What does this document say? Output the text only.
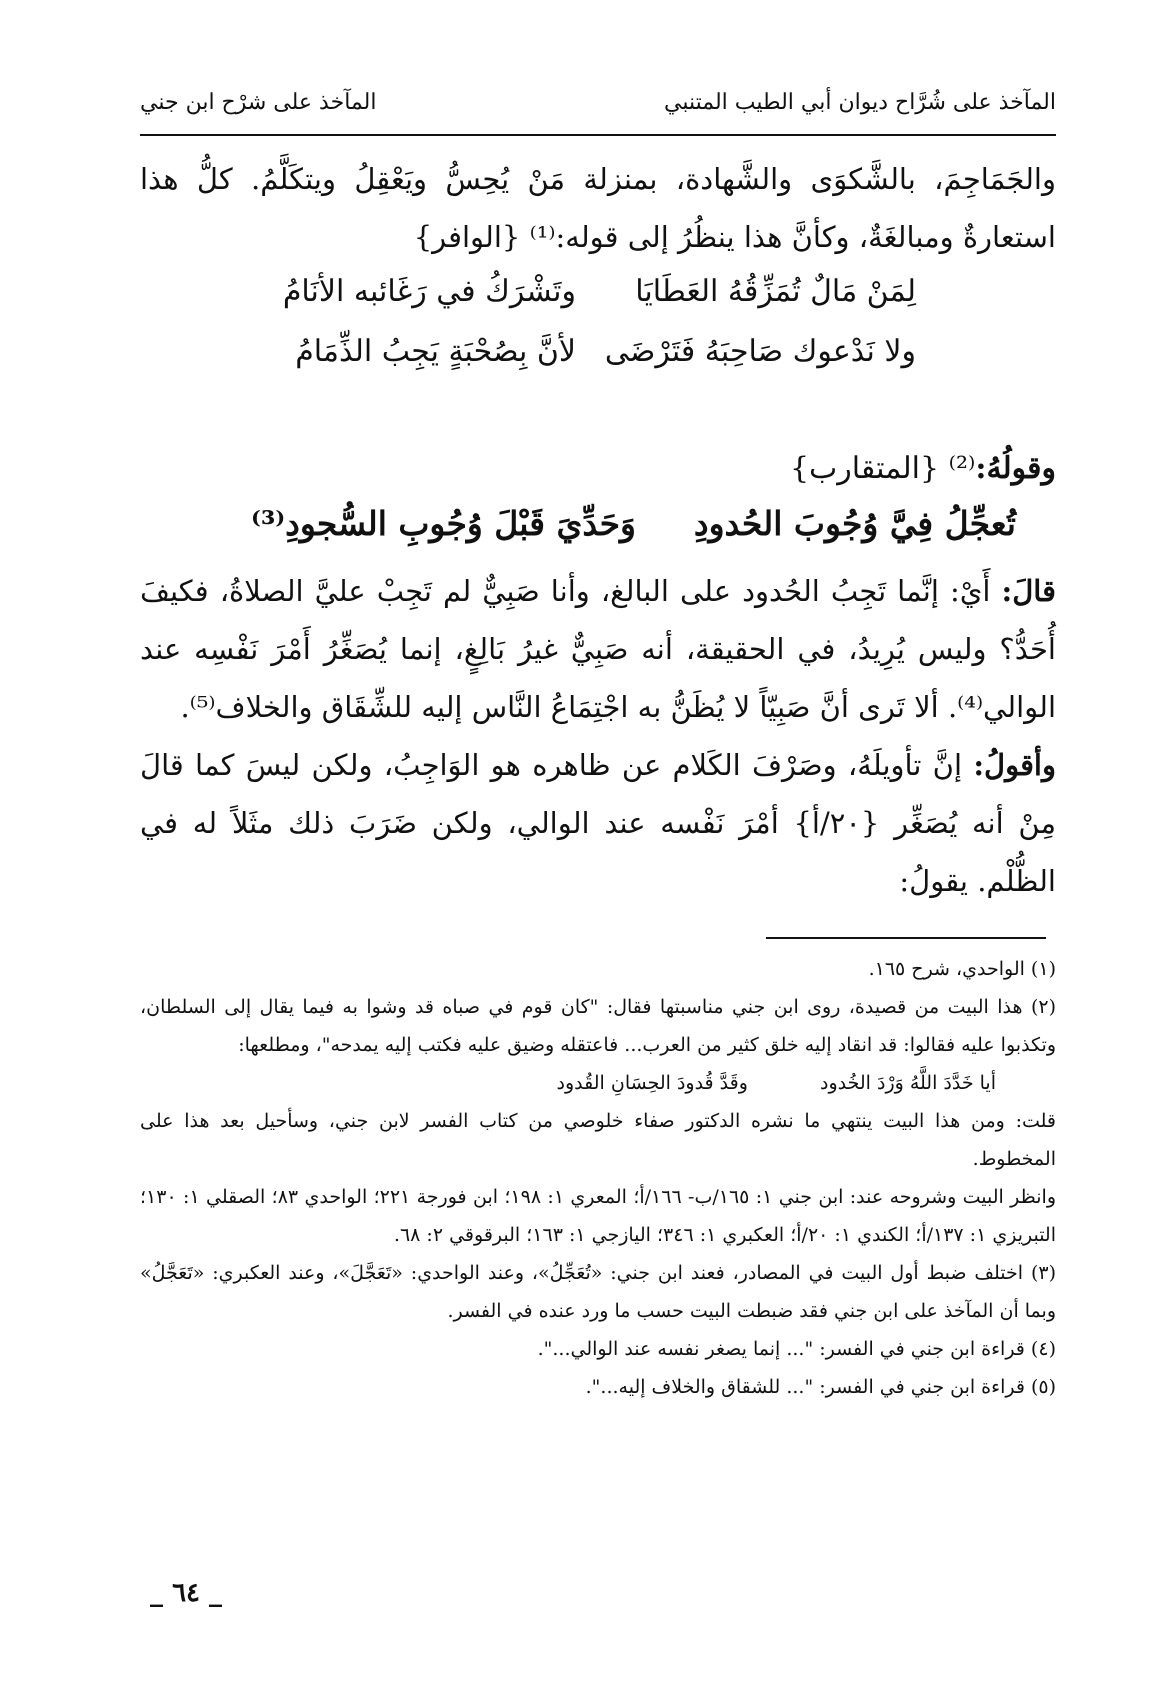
المآخذ على شُرَّاح ديوان أبي الطيب المتنبي
المآخذ على شرْح ابن جني

والجَمَاجِمَ، بالشَّكوَى والشَّهادة، بمنزلة مَنْ يُحِسُّ ويَعْقِلُ ويتكَلَّمُ. كلُّ هذا استعارةٌ ومبالغَةٌ، وكأنَّ هذا ينظُرُ إلى قوله:⁽¹⁾ {الوافر}

لِمَنْ مَالٌ تُمَزِّقُهُ العَطَايَا
وتَشْرَكُ في رَغَائبه الأنَامُ
ولا نَدْعوك صَاحِبَهُ فَتَرْضَى
لأنَّ بِصُحْبَةٍ يَجِبُ الذِّمَامُ

وقولُهُ:⁽²⁾ {المتقارب}

تُعجِّلُ فِيَّ وُجُوبَ الحُدودِ
وَحَدِّيَ قَبْلَ وُجُوبِ السُّجودِ⁽³⁾

قالَ: أَيْ: إنَّما تَجِبُ الحُدود على البالغ، وأنا صَبِيٌّ لم تَجِبْ عليَّ الصلاةُ، فكيفَ أُحَدُّ؟ وليس يُرِيدُ، في الحقيقة، أنه صَبِيٌّ غيرُ بَالِغٍ، إنما يُصَغِّرُ أَمْرَ نَفْسِه عند الوالي⁽⁴⁾. ألا تَرى أنَّ صَبِيّاً لا يُظَنُّ به اجْتِمَاعُ النَّاس إليه للشِّقَاق والخلاف⁽⁵⁾.

وأقولُ: إنَّ تأويلَهُ، وصَرْفَ الكَلام عن ظاهره هو الوَاجِبُ، ولكن ليسَ كما قالَ مِنْ أنه يُصَغِّر {٢٠/أ} أمْرَ نَفْسه عند الوالي، ولكن ضَرَبَ ذلك مثَلاً له في الظُّلْم. يقولُ:

(١) الواحدي، شرح ١٦٥.

(٢) هذا البيت من قصيدة، روى ابن جني مناسبتها فقال: "كان قوم في صباه قد وشوا به فيما يقال إلى السلطان، وتكذبوا عليه فقالوا: قد انقاد إليه خلق كثير من العرب... فاعتقله وضيق عليه فكتب إليه يمدحه"، ومطلعها:

أيا خَدَّدَ اللَّهُ وَرْدَ الخُدود  وقَدَّ قُدودَ الحِسَانِ القُدود

قلت: ومن هذا البيت ينتهي ما نشره الدكتور صفاء خلوصي من كتاب الفسر لابن جني، وسأحيل بعد هذا على المخطوط.

وانظر البيت وشروحه عند: ابن جني ١: ١٦٥/ب- ١٦٦/أ؛ المعري ١: ١٩٨؛ ابن فورجة ٢٢١؛ الواحدي ٨٣؛ الصقلي ١: ١٣٠؛ التبريزي ١: ١٣٧/أ؛ الكندي ١: ٢٠/أ؛ العكبري ١: ٣٤٦؛ اليازجي ١: ١٦٣؛ البرقوقي ٢: ٦٨.

(٣) اختلف ضبط أول البيت في المصادر، فعند ابن جني: «تُعَجِّلُ»، وعند الواحدي: «تَعَجَّلَ»، وعند العكبري: «تَعَجَّلُ» وبما أن المآخذ على ابن جني فقد ضبطت البيت حسب ما ورد عنده في الفسر.

(٤) قراءة ابن جني في الفسر: "... إنما يصغر نفسه عند الوالي...".

(٥) قراءة ابن جني في الفسر: "... للشقاق والخلاف إليه...".

_ ٦٤ _
